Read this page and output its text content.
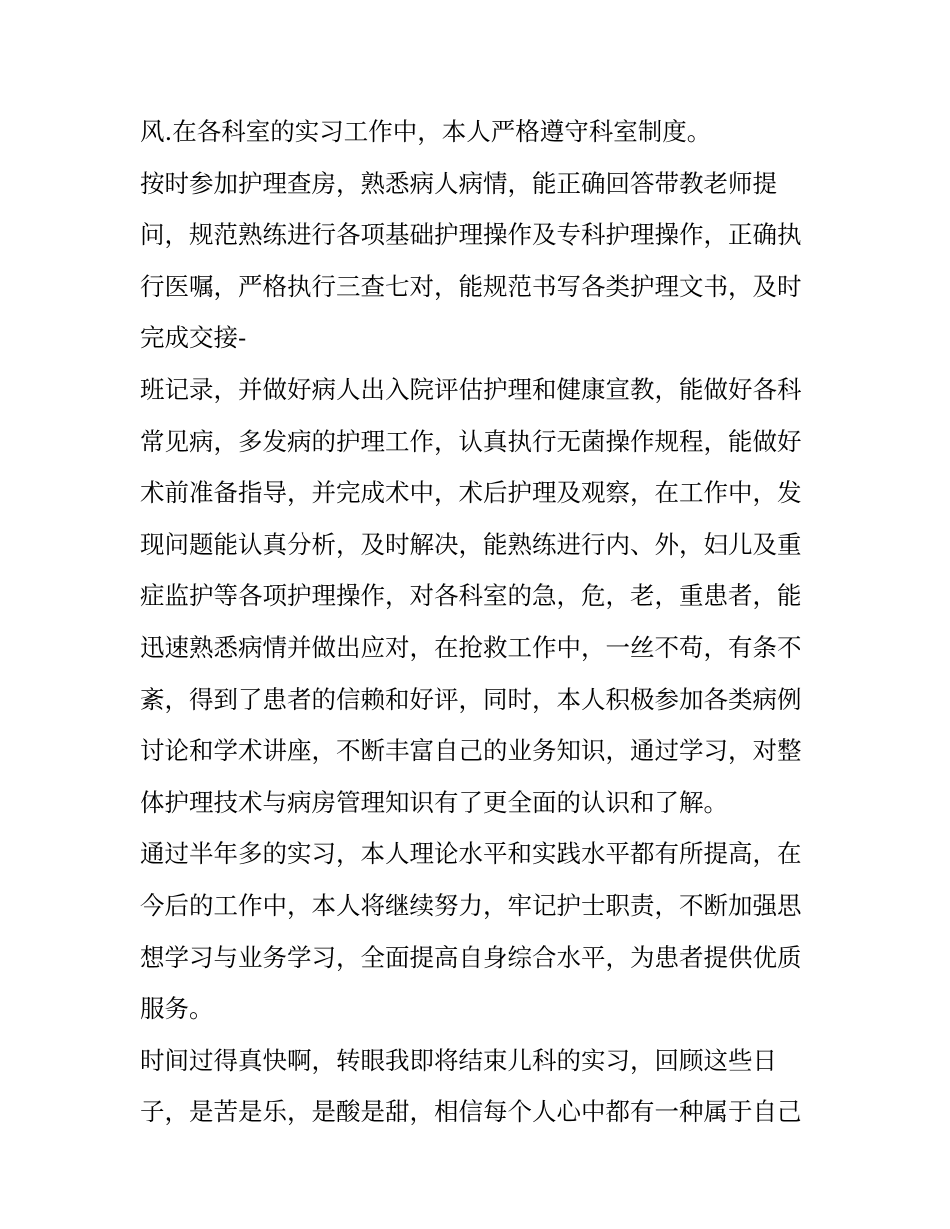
风.在各科室的实习工作中，本人严格遵守科室制度。
按时参加护理查房，熟悉病人病情，能正确回答带教老师提
问，规范熟练进行各项基础护理操作及专科护理操作，正确执
行医嘱，严格执行三查七对，能规范书写各类护理文书，及时
完成交接-
班记录，并做好病人出入院评估护理和健康宣教，能做好各科
常见病，多发病的护理工作，认真执行无菌操作规程，能做好
术前准备指导，并完成术中，术后护理及观察，在工作中，发
现问题能认真分析，及时解决，能熟练进行内、外，妇儿及重
症监护等各项护理操作，对各科室的急，危，老，重患者，能
迅速熟悉病情并做出应对，在抢救工作中，一丝不苟，有条不
紊，得到了患者的信赖和好评，同时，本人积极参加各类病例
讨论和学术讲座，不断丰富自己的业务知识，通过学习，对整
体护理技术与病房管理知识有了更全面的认识和了解。
通过半年多的实习，本人理论水平和实践水平都有所提高，在
今后的工作中，本人将继续努力，牢记护士职责，不断加强思
想学习与业务学习，全面提高自身综合水平，为患者提供优质
服务。
时间过得真快啊，转眼我即将结束儿科的实习，回顾这些日
子，是苦是乐，是酸是甜，相信每个人心中都有一种属于自己
